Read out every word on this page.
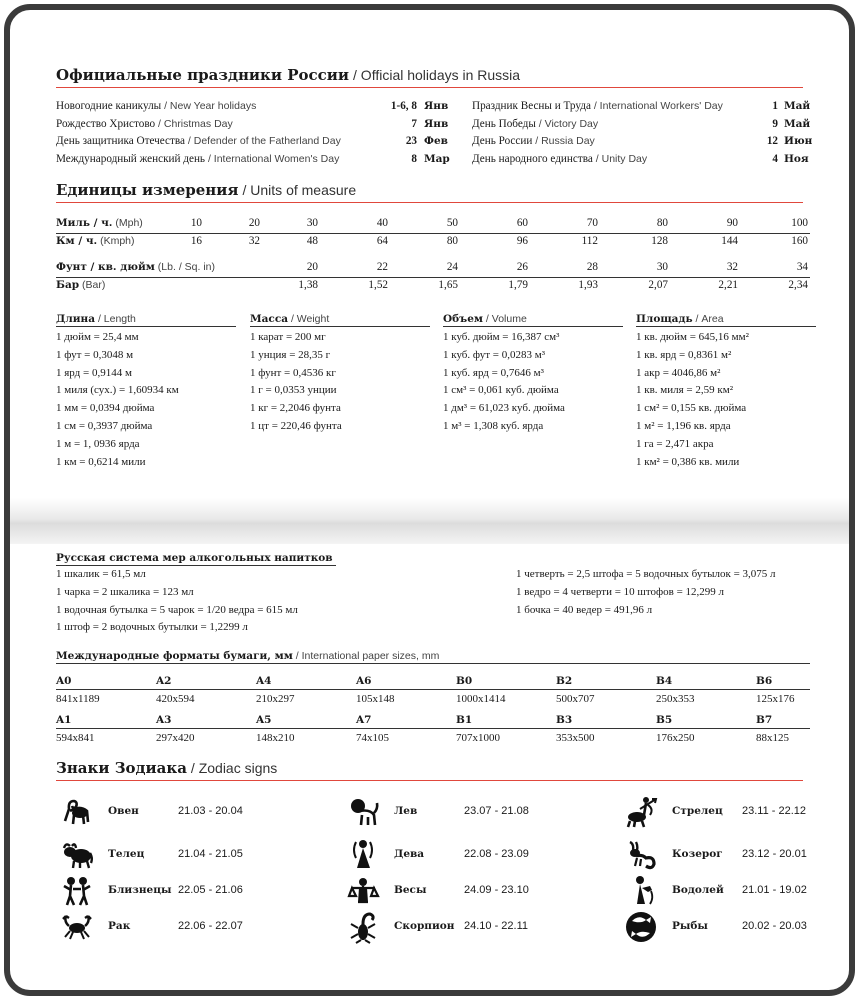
Официальные праздники России / Official holidays in Russia
Новогодние каникулы / New Year holidays	1-6, 8 Янв
Рождество Христово / Christmas Day	7 Янв
День защитника Отечества / Defender of the Fatherland Day	23 Фев
Международный женский день / International Women's Day	8 Мар
Праздник Весны и Труда / International Workers' Day	1 Май
День Победы / Victory Day	9 Май
День России / Russia Day	12 Июн
День народного единства / Unity Day	4 Ноя
Единицы измерения / Units of measure
Миль / ч. (Mph)	10	20	30	40	50	60	70	80	90	100
Км / ч. (Kmph)	16	32	48	64	80	96	112	128	144	160
Фунт / кв. дюйм (Lb. / Sq. in)	20	22	24	26	28	30	32	34
Бар (Bar)	1,38	1,52	1,65	1,79	1,93	2,07	2,21	2,34
Длина / Length
1 дюйм = 25,4 мм
1 фут = 0,3048 м
1 ярд = 0,9144 м
1 миля (сух.) = 1,60934 км
1 мм = 0,0394 дюйма
1 см = 0,3937 дюйма
1 м = 1, 0936 ярда
1 км = 0,6214 мили
Масса / Weight
1 карат = 200 мг
1 унция = 28,35 г
1 фунт = 0,4536 кг
1 г = 0,0353 унции
1 кг = 2,2046 фунта
1 цт = 220,46 фунта
Объем / Volume
1 куб. дюйм = 16,387 см³
1 куб. фут = 0,0283 м³
1 куб. ярд = 0,7646 м³
1 см³ = 0,061 куб. дюйма
1 дм³ = 61,023 куб. дюйма
1 м³ = 1,308 куб. ярда
Площадь / Area
1 кв. дюйм = 645,16 мм²
1 кв. ярд = 0,8361 м²
1 акр = 4046,86 м²
1 кв. миля = 2,59 км²
1 см² = 0,155 кв. дюйма
1 м² = 1,196 кв. ярда
1 га = 2,471 акра
1 км² = 0,386 кв. мили
Русская система мер алкогольных напитков
1 шкалик = 61,5 мл
1 чарка = 2 шкалика = 123 мл
1 водочная бутылка = 5 чарок = 1/20 ведра = 615 мл
1 штоф = 2 водочных бутылки = 1,2299 л
1 четверть = 2,5 штофа = 5 водочных бутылок = 3,075 л
1 ведро = 4 четверти = 10 штофов = 12,299 л
1 бочка = 40 ведер = 491,96 л
Международные форматы бумаги, мм / International paper sizes, mm
A0	A2	A4	A6	B0	B2	B4	B6
841x1189	420x594	210x297	105x148	1000x1414	500x707	250x353	125x176
A1	A3	A5	A7	B1	B3	B5	B7
594x841	297x420	148x210	74x105	707x1000	353x500	176x250	88x125
Знаки Зодиака / Zodiac signs
Овен	21.03 - 20.04
Телец	21.04 - 21.05
Близнецы 22.05 - 21.06
Рак	22.06 - 22.07
Лев	23.07 - 21.08
Дева	22.08 - 23.09
Весы	24.09 - 23.10
Скорпион 24.10 - 22.11
Стрелец 23.11 - 22.12
Козерог 23.12 - 20.01
Водолей 21.01 - 19.02
Рыбы	20.02 - 20.03
